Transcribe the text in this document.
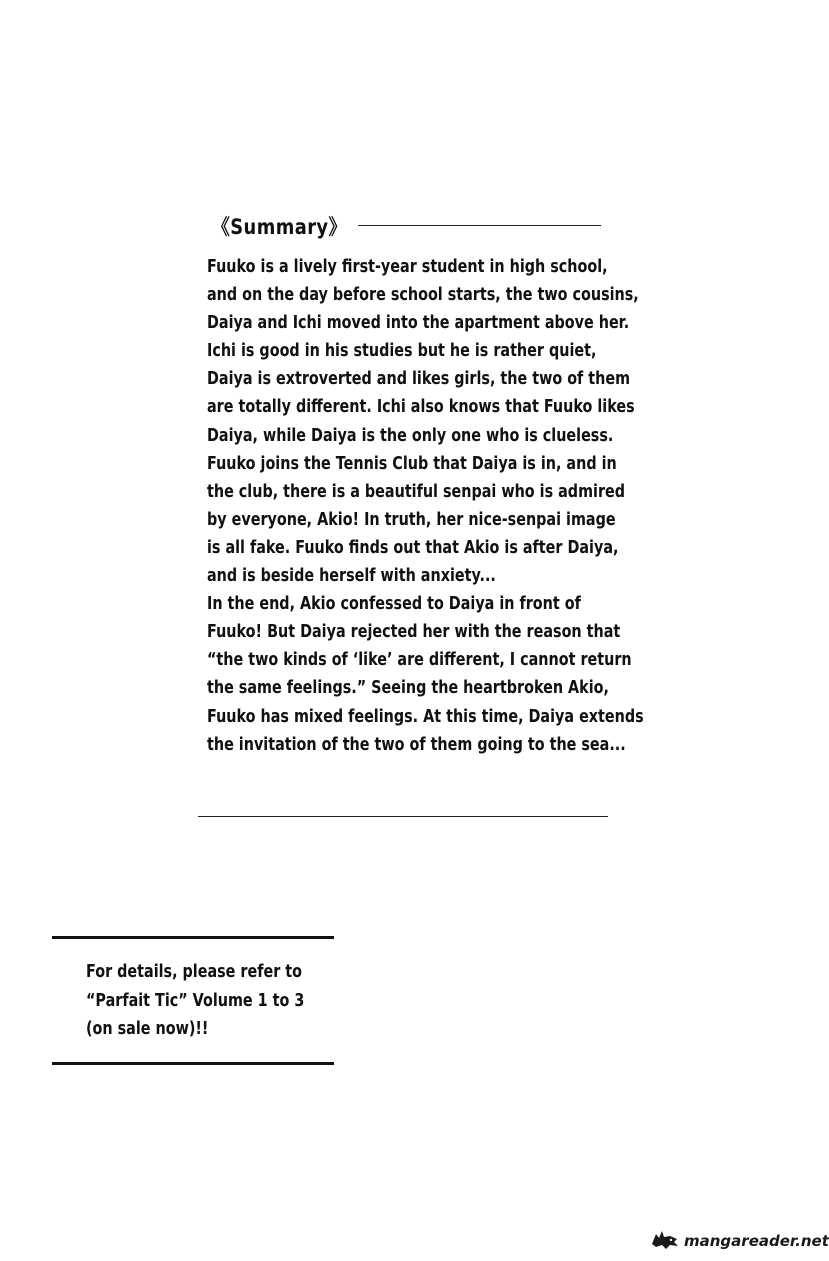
《Summary》
Fuuko is a lively first-year student in high school,
and on the day before school starts, the two cousins,
Daiya and Ichi moved into the apartment above her.
Ichi is good in his studies but he is rather quiet,
Daiya is extroverted and likes girls, the two of them
are totally different. Ichi also knows that Fuuko likes
Daiya, while Daiya is the only one who is clueless.
Fuuko joins the Tennis Club that Daiya is in, and in
the club, there is a beautiful senpai who is admired
by everyone, Akio! In truth, her nice-senpai image
is all fake. Fuuko finds out that Akio is after Daiya,
and is beside herself with anxiety...
In the end, Akio confessed to Daiya in front of
Fuuko! But Daiya rejected her with the reason that
“the two kinds of ‘like’ are different, I cannot return
the same feelings.” Seeing the heartbroken Akio,
Fuuko has mixed feelings. At this time, Daiya extends
the invitation of the two of them going to the sea...
For details, please refer to
“Parfait Tic” Volume 1 to 3
(on sale now)!!
mangareader.net
